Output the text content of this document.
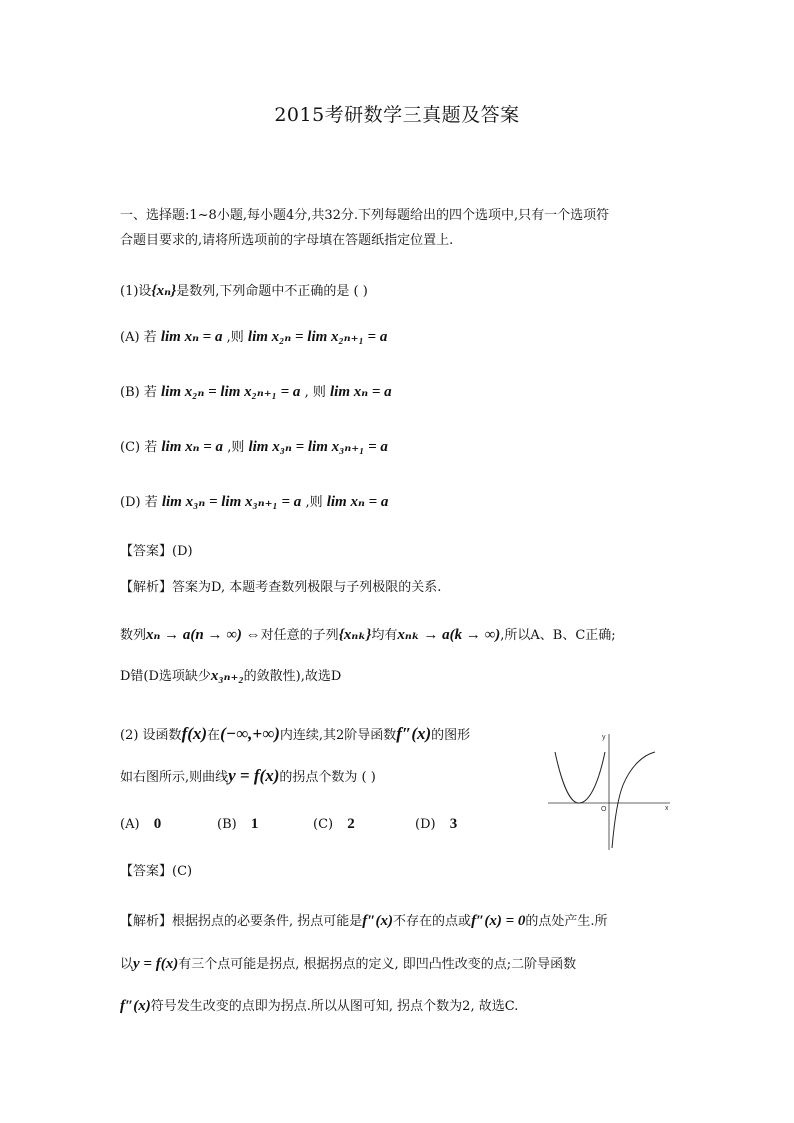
2015考研数学三真题及答案
一、选择题:1~8小题,每小题4分,共32分.下列每题给出的四个选项中,只有一个选项符
合题目要求的,请将所选项前的字母填在答题纸指定位置上.
(1)设{xₙ}是数列,下列命题中不正确的是 ( )
(A) 若 lim xₙ = a ,则 lim x₂ₙ = lim x₂ₙ₊₁ = a
(B) 若 lim x₂ₙ = lim x₂ₙ₊₁ = a , 则 lim xₙ = a
(C) 若 lim xₙ = a ,则 lim x₃ₙ = lim x₃ₙ₊₁ = a
(D) 若 lim x₃ₙ = lim x₃ₙ₊₁ = a ,则 lim xₙ = a
【答案】(D)
【解析】答案为D, 本题考查数列极限与子列极限的关系.
数列xₙ → a(n → ∞) ⇔对任意的子列{xₙₖ}均有xₙₖ → a(k → ∞),所以A、B、C正确;
D错(D选项缺少x₃ₙ₊₂的敛散性),故选D
(2) 设函数f(x)在(−∞,+∞)内连续,其2阶导函数f″(x)的图形
如右图所示,则曲线y = f(x)的拐点个数为 ( )
(A) 0	(B) 1	(C) 2	(D) 3
x
y
O
【答案】(C)
【解析】根据拐点的必要条件, 拐点可能是f″(x)不存在的点或f″(x) = 0的点处产生.所
以y = f(x)有三个点可能是拐点, 根据拐点的定义, 即凹凸性改变的点;二阶导函数
f″(x)符号发生改变的点即为拐点.所以从图可知, 拐点个数为2, 故选C.
